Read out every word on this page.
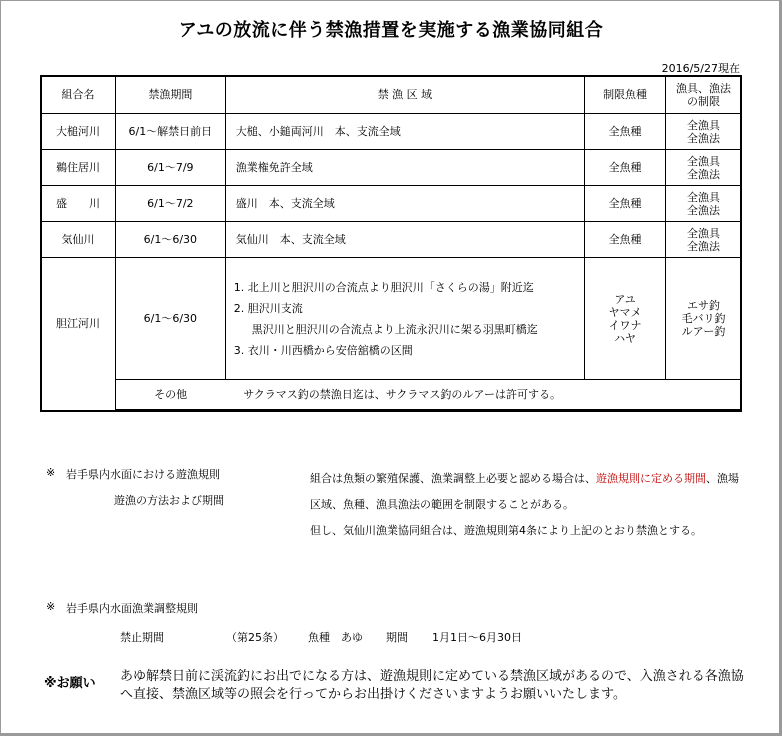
アユの放流に伴う禁漁措置を実施する漁業協同組合
2016/5/27現在
組合名	禁漁期間	禁 漁 区 域	制限魚種	漁具、漁法の制限

大槌河川	6/1～解禁日前日	大槌、小鎚両河川　本、支流全域	全魚種	全漁具
全漁法

鵜住居川	6/1～7/9	漁業権免許全域	全魚種	全漁具
全漁法

盛　　川	6/1～7/2	盛川　本、支流全域	全魚種	全漁具
全漁法

気仙川	6/1～6/30	気仙川　本、支流全域	全魚種	全漁具
全漁法

胆江河川	6/1～6/30	1. 北上川と胆沢川の合流点より胆沢川「さくらの湯」附近迄
2. 胆沢川支流
黒沢川と胆沢川の合流点より上流永沢川に架る羽黒町橋迄
3. 衣川・川西橋から安倍舘橋の区間	アユ
ヤマメ
イワナ
ハヤ	エサ釣
毛バリ釣
ルアー釣

	その他	サクラマス釣の禁漁日迄は、サクラマス釣のルアーは許可する。		
※ 岩手県内水面における遊漁規則
遊漁の方法および期間
組合は魚類の繁殖保護、漁業調整上必要と認める場合は、遊漁規則に定める期間、漁場区域、魚種、漁具漁法の範囲を制限することがある。
但し、気仙川漁業協同組合は、遊漁規則第4条により上記のとおり禁漁とする。
※ 岩手県内水面漁業調整規則
禁止期間	（第25条） 魚種　あゆ 期間 1月1日～6月30日
※お願い あゆ解禁日前に渓流釣にお出でになる方は、遊漁規則に定めている禁漁区域があるので、入漁される各漁協へ直接、禁漁区域等の照会を行ってからお出掛けくださいますようお願いいたします。
